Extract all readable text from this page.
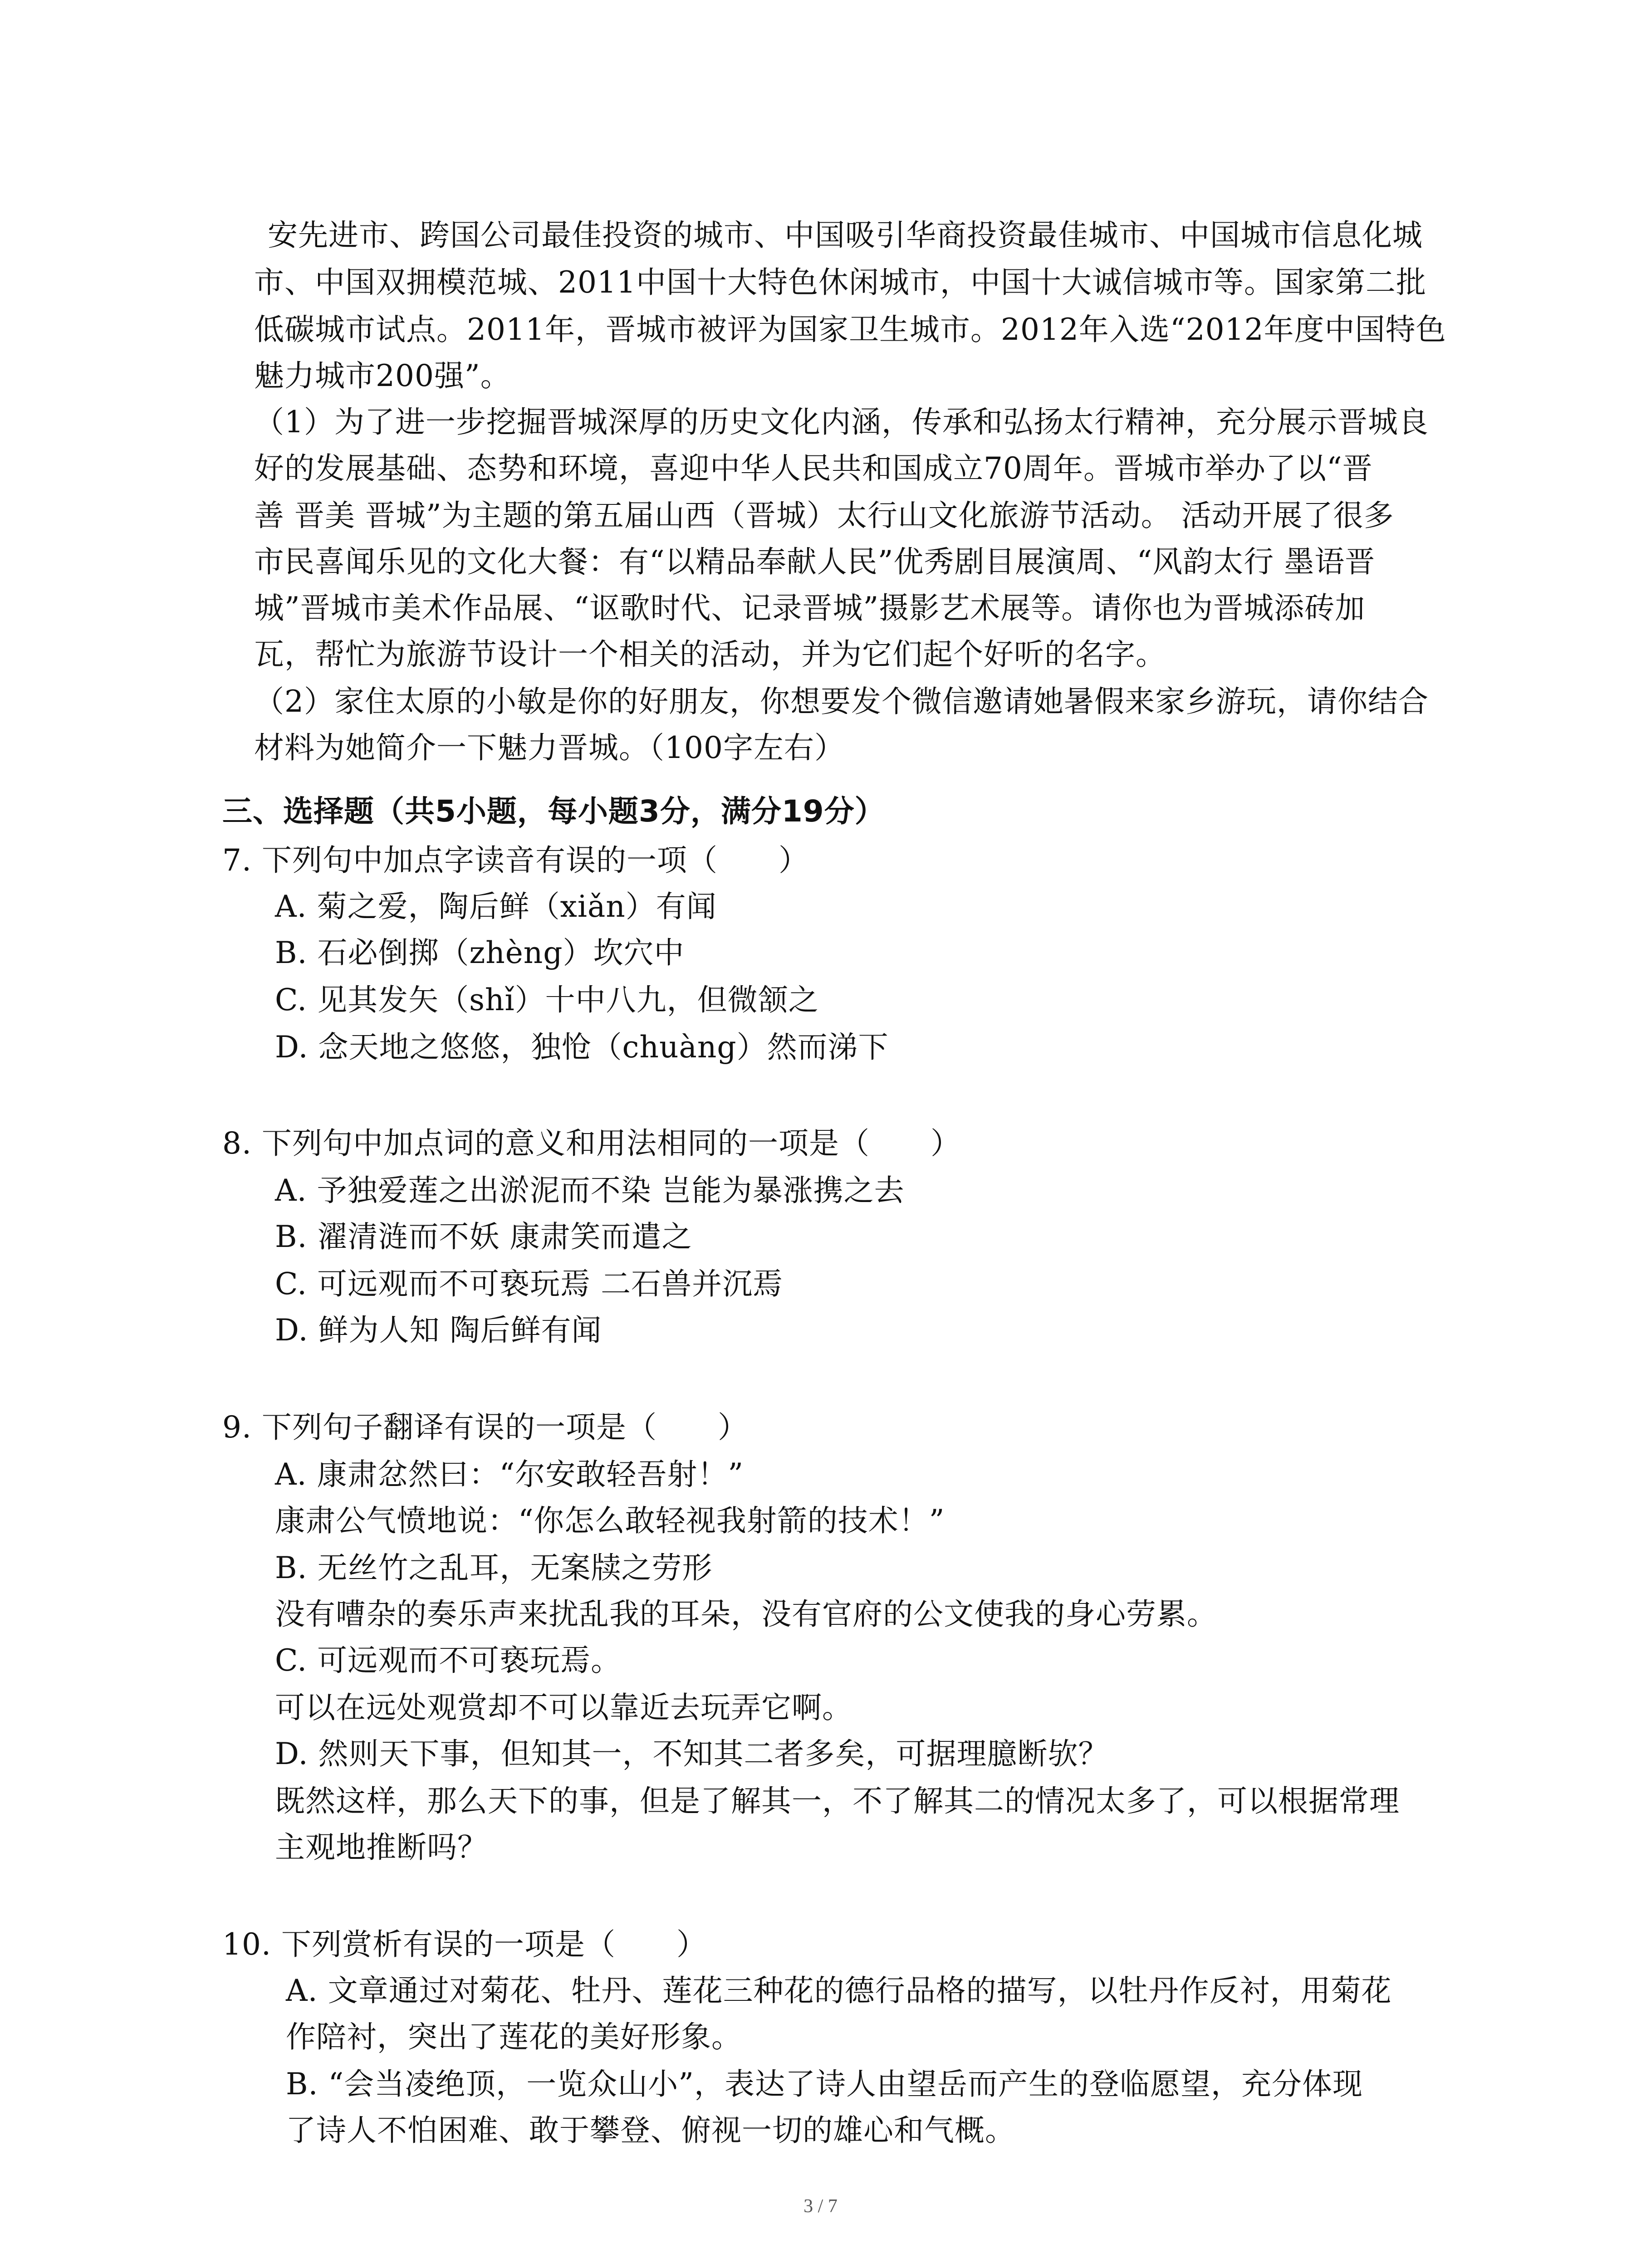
安先进市、跨国公司最佳投资的城市、中国吸引华商投资最佳城市、中国城市信息化城
市、中国双拥模范城、2011中国十大特色休闲城市，中国十大诚信城市等。国家第二批
低碳城市试点。2011年，晋城市被评为国家卫生城市。2012年入选“2012年度中国特色
魅力城市200强”。
（1）为了进一步挖掘晋城深厚的历史文化内涵，传承和弘扬太行精神，充分展示晋城良
好的发展基础、态势和环境，喜迎中华人民共和国成立70周年。晋城市举办了以“晋
善 晋美 晋城”为主题的第五届山西（晋城）太行山文化旅游节活动。 活动开展了很多
市民喜闻乐见的文化大餐：有“以精品奉献人民”优秀剧目展演周、“风韵太行 墨语晋
城”晋城市美术作品展、“讴歌时代、记录晋城”摄影艺术展等。请你也为晋城添砖加
瓦，帮忙为旅游节设计一个相关的活动，并为它们起个好听的名字。
（2）家住太原的小敏是你的好朋友，你想要发个微信邀请她暑假来家乡游玩，请你结合
材料为她简介一下魅力晋城。（100字左右）
三、选择题（共5小题，每小题3分，满分19分）
7. 下列句中加点字读音有误的一项（　　）
A. 菊之爱，陶后鲜（xiǎn）有闻
B. 石必倒掷（zhèng）坎穴中
C. 见其发矢（shǐ）十中八九，但微颔之
D. 念天地之悠悠，独怆（chuàng）然而涕下
8. 下列句中加点词的意义和用法相同的一项是（　　）
A. 予独爱莲之出淤泥而不染 岂能为暴涨携之去
B. 濯清涟而不妖 康肃笑而遣之
C. 可远观而不可亵玩焉 二石兽并沉焉
D. 鲜为人知 陶后鲜有闻
9. 下列句子翻译有误的一项是（　　）
A. 康肃忿然曰：“尔安敢轻吾射！”
康肃公气愤地说：“你怎么敢轻视我射箭的技术！”
B. 无丝竹之乱耳，无案牍之劳形
没有嘈杂的奏乐声来扰乱我的耳朵，没有官府的公文使我的身心劳累。
C. 可远观而不可亵玩焉。
可以在远处观赏却不可以靠近去玩弄它啊。
D. 然则天下事，但知其一，不知其二者多矣，可据理臆断欤？
既然这样，那么天下的事，但是了解其一，不了解其二的情况太多了，可以根据常理
主观地推断吗？
10. 下列赏析有误的一项是（　　）
A. 文章通过对菊花、牡丹、莲花三种花的德行品格的描写，以牡丹作反衬，用菊花
作陪衬，突出了莲花的美好形象。
B. “会当凌绝顶，一览众山小”，表达了诗人由望岳而产生的登临愿望，充分体现
了诗人不怕困难、敢于攀登、俯视一切的雄心和气概。
3 / 7
